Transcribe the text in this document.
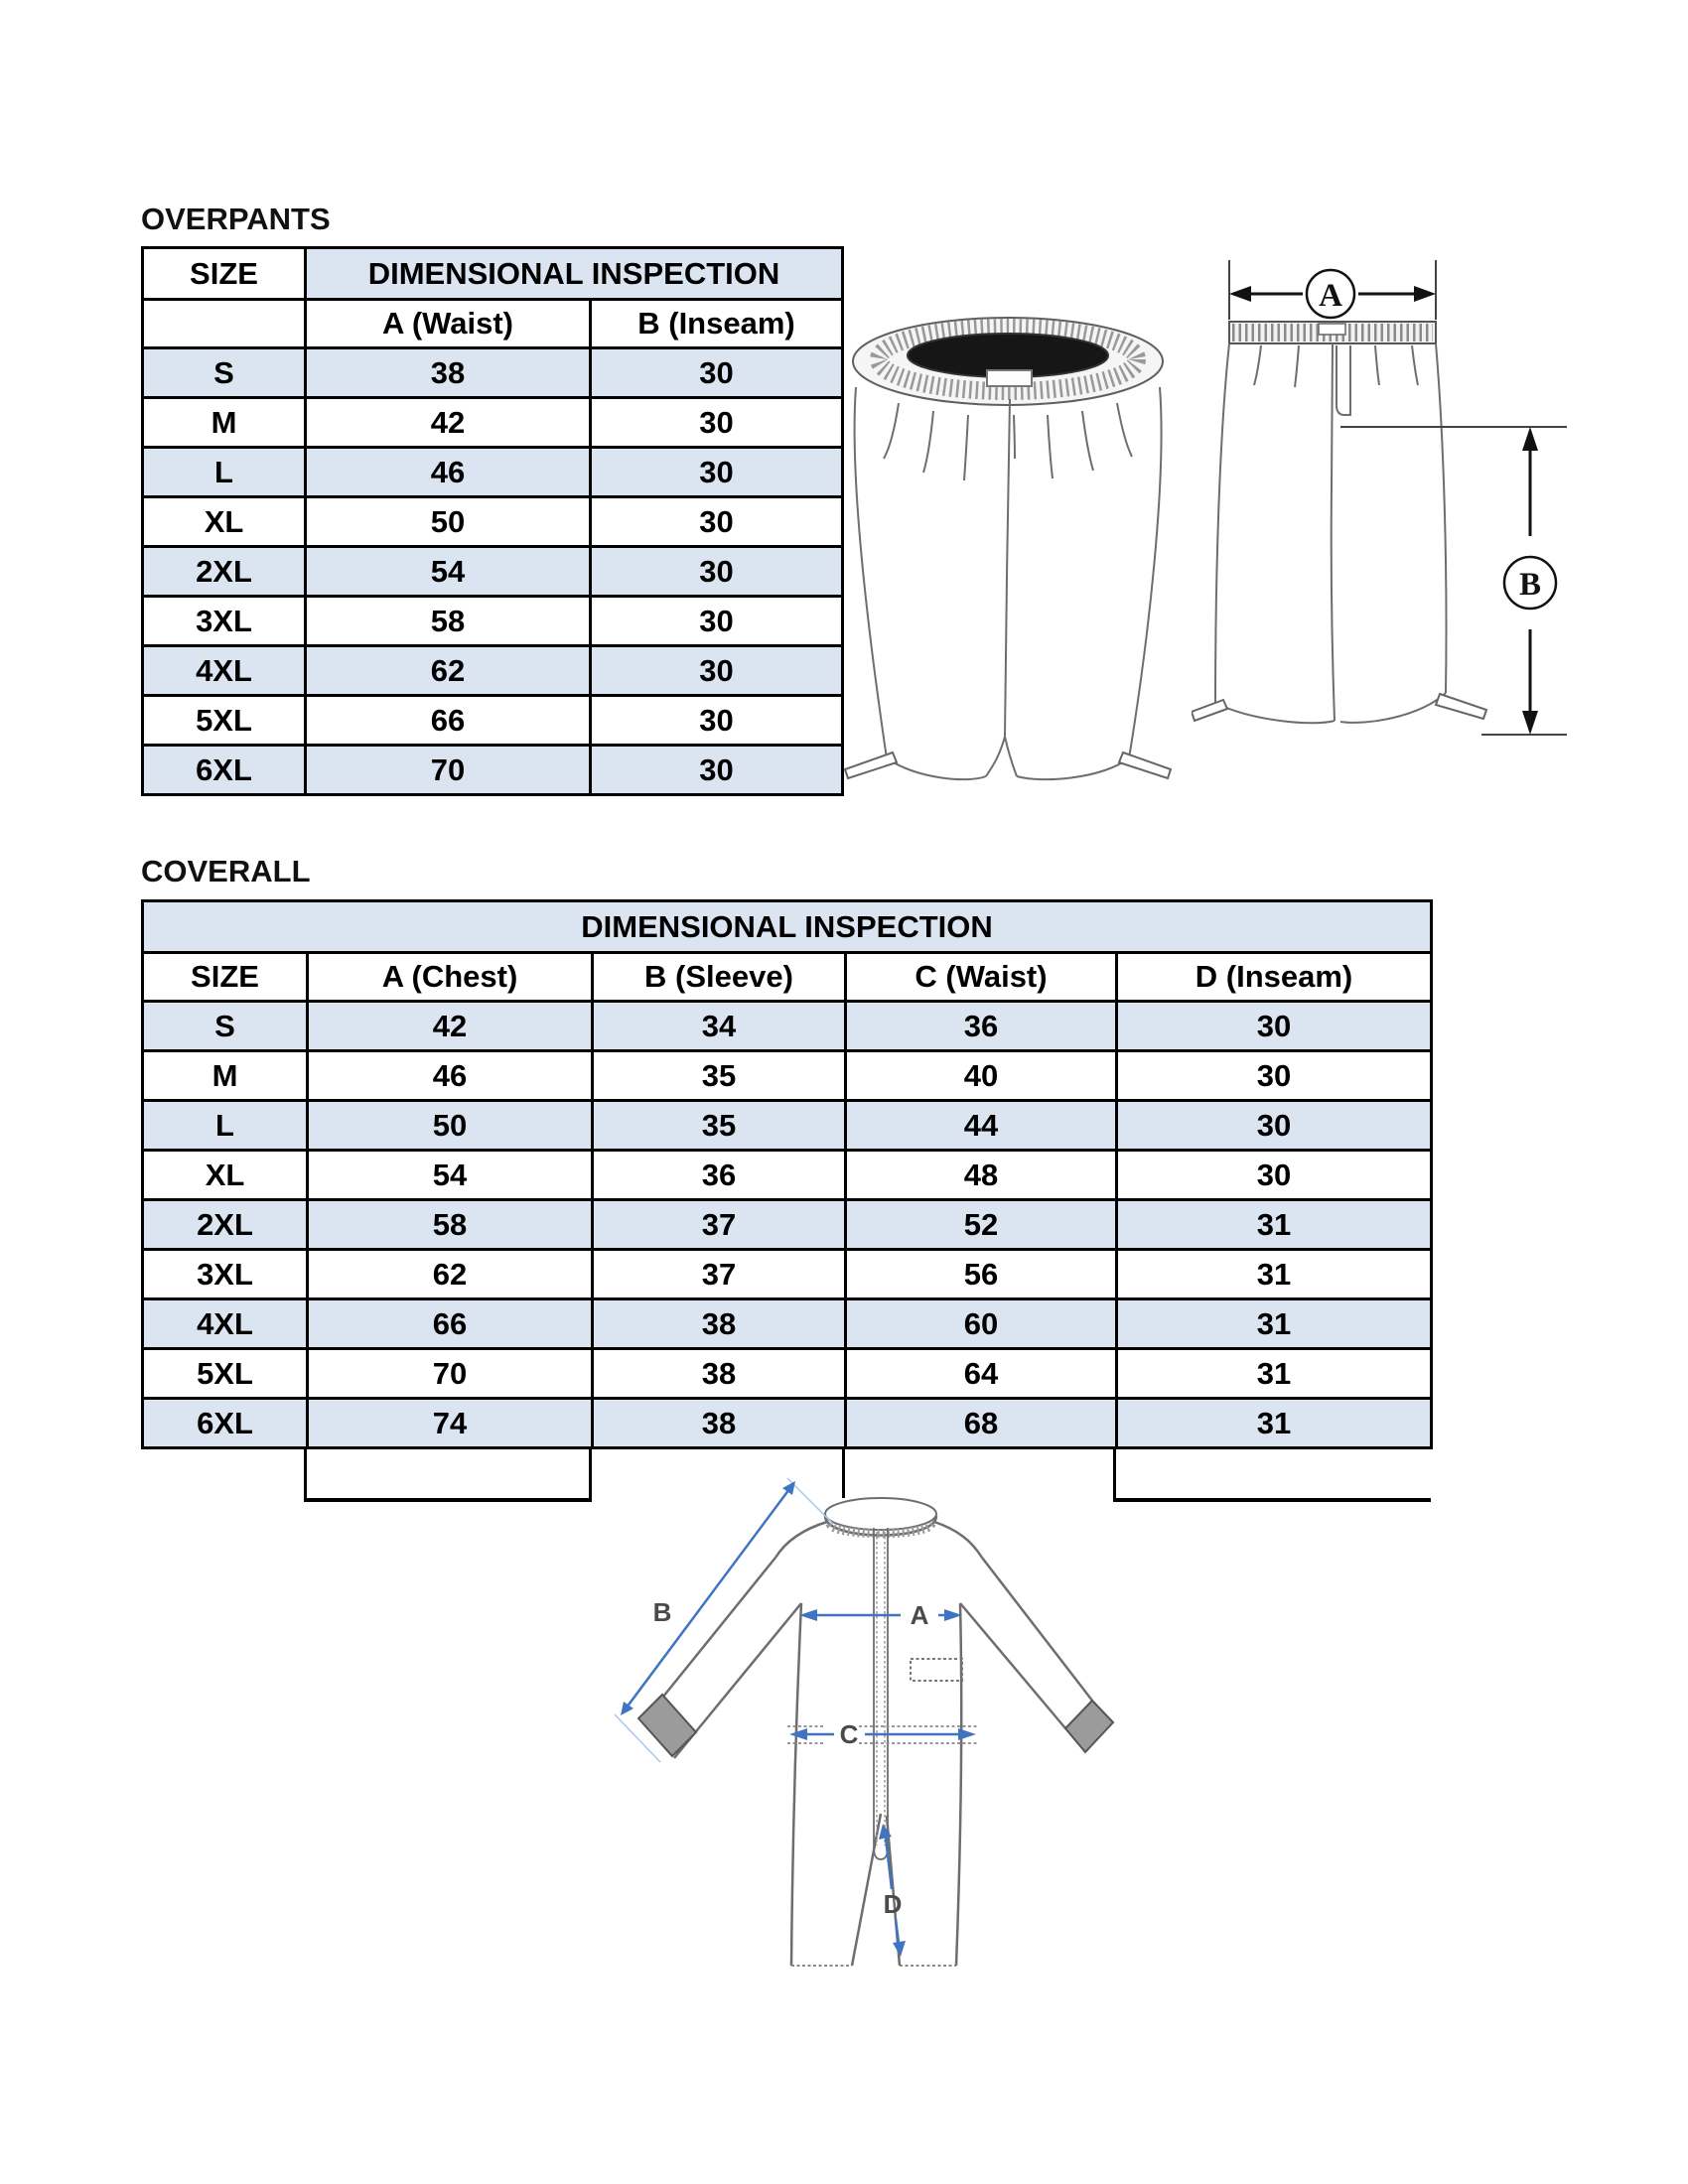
OVERPANTS
SIZE	DIMENSIONAL INSPECTION	
	A (Waist)	B (Inseam)
S	38	30
M	42	30
L	46	30
XL	50	30
2XL	54	30
3XL	58	30
4XL	62	30
5XL	66	30
6XL	70	30
A
B
COVERALL
DIMENSIONAL INSPECTION				
SIZE	A (Chest)	B (Sleeve)	C (Waist)	D (Inseam)
S	42	34	36	30
M	46	35	40	30
L	50	35	44	30
XL	54	36	48	30
2XL	58	37	52	31
3XL	62	37	56	31
4XL	66	38	60	31
5XL	70	38	64	31
6XL	74	38	68	31
B	A
C
D
